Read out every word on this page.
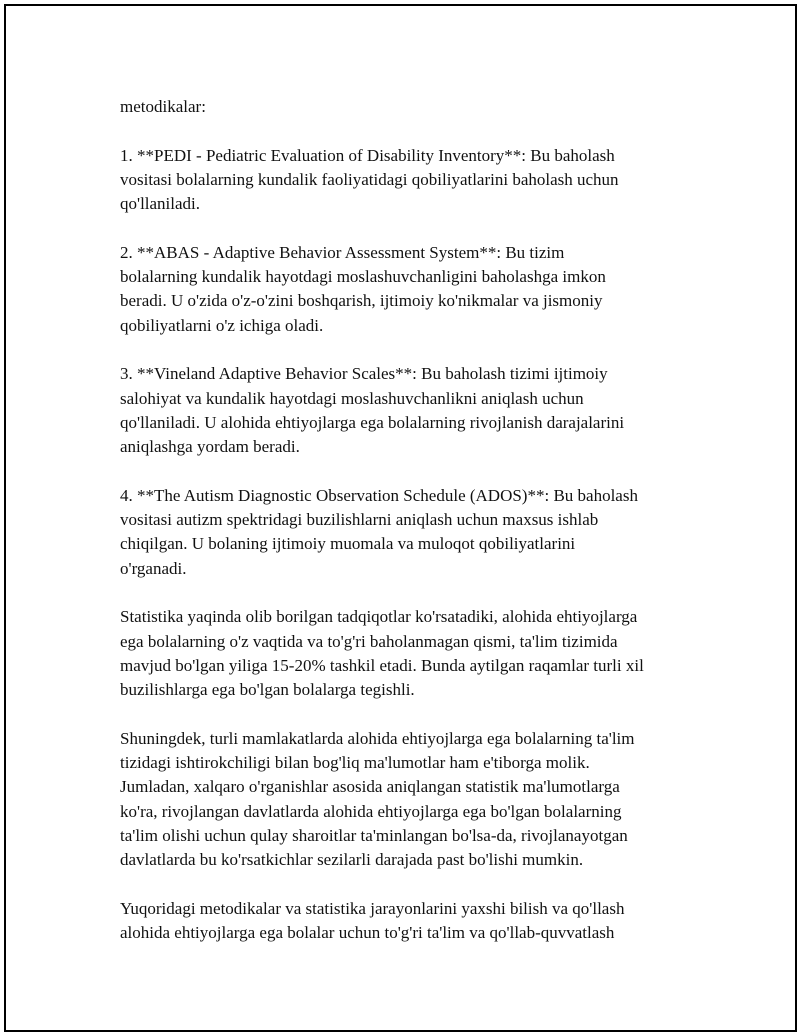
metodikalar:
1. **PEDI - Pediatric Evaluation of Disability Inventory**: Bu baholash
vositasi bolalarning kundalik faoliyatidagi qobiliyatlarini baholash uchun
qo'llaniladi.
2. **ABAS - Adaptive Behavior Assessment System**: Bu tizim
bolalarning kundalik hayotdagi moslashuvchanligini baholashga imkon
beradi. U o'zida o'z-o'zini boshqarish, ijtimoiy ko'nikmalar va jismoniy
qobiliyatlarni o'z ichiga oladi.
3. **Vineland Adaptive Behavior Scales**: Bu baholash tizimi ijtimoiy
salohiyat va kundalik hayotdagi moslashuvchanlikni aniqlash uchun
qo'llaniladi. U alohida ehtiyojlarga ega bolalarning rivojlanish darajalarini
aniqlashga yordam beradi.
4. **The Autism Diagnostic Observation Schedule (ADOS)**: Bu baholash
vositasi autizm spektridagi buzilishlarni aniqlash uchun maxsus ishlab
chiqilgan. U bolaning ijtimoiy muomala va muloqot qobiliyatlarini
o'rganadi.
Statistika yaqinda olib borilgan tadqiqotlar ko'rsatadiki, alohida ehtiyojlarga
ega bolalarning o'z vaqtida va to'g'ri baholanmagan qismi, ta'lim tizimida
mavjud bo'lgan yiliga 15-20% tashkil etadi. Bunda aytilgan raqamlar turli xil
buzilishlarga ega bo'lgan bolalarga tegishli.
Shuningdek, turli mamlakatlarda alohida ehtiyojlarga ega bolalarning ta'lim
tizidagi ishtirokchiligi bilan bog'liq ma'lumotlar ham e'tiborga molik.
Jumladan, xalqaro o'rganishlar asosida aniqlangan statistik ma'lumotlarga
ko'ra, rivojlangan davlatlarda alohida ehtiyojlarga ega bo'lgan bolalarning
ta'lim olishi uchun qulay sharoitlar ta'minlangan bo'lsa-da, rivojlanayotgan
davlatlarda bu ko'rsatkichlar sezilarli darajada past bo'lishi mumkin.
Yuqoridagi metodikalar va statistika jarayonlarini yaxshi bilish va qo'llash
alohida ehtiyojlarga ega bolalar uchun to'g'ri ta'lim va qo'llab-quvvatlash
